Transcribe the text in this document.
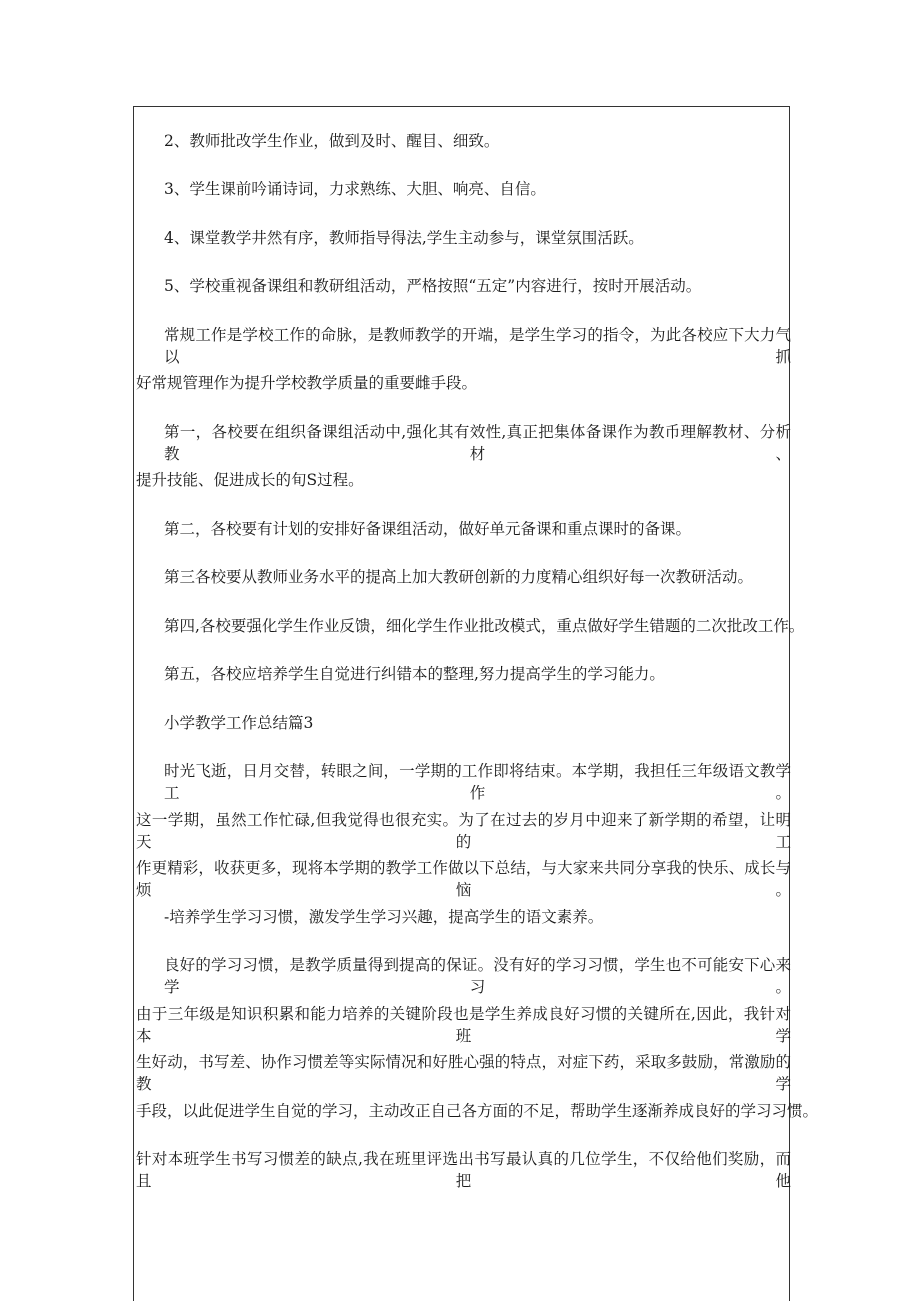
2、教师批改学生作业，做到及时、醒目、细致。
3、学生课前吟诵诗词，力求熟练、大胆、响亮、自信。
4、课堂教学井然有序，教师指导得法,学生主动参与，课堂氛围活跃。
5、学校重视备课组和教研组活动，严格按照“五定”内容进行，按时开展活动。
常规工作是学校工作的命脉，是教师教学的开端，是学生学习的指令，为此各校应下大力气以抓
好常规管理作为提升学校教学质量的重要雌手段。
第一，各校要在组织备课组活动中,强化其有效性,真正把集体备课作为教币理解教材、分析教材、
提升技能、促进成长的旬S过程。
第二，各校要有计划的安排好备课组活动，做好单元备课和重点课时的备课。
第三各校要从教师业务水平的提高上加大教研创新的力度精心组织好每一次教研活动。
第四,各校要强化学生作业反馈，细化学生作业批改模式，重点做好学生错题的二次批改工作。
第五，各校应培养学生自觉进行纠错本的整理,努力提高学生的学习能力。
小学教学工作总结篇3
时光飞逝，日月交替，转眼之间，一学期的工作即将结束。本学期，我担任三年级语文教学工作。
这一学期，虽然工作忙碌,但我觉得也很充实。为了在过去的岁月中迎来了新学期的希望，让明天的工
作更精彩，收获更多，现将本学期的教学工作做以下总结，与大家来共同分享我的快乐、成长与烦恼。
-培养学生学习习惯，激发学生学习兴趣，提高学生的语文素养。
良好的学习习惯，是教学质量得到提高的保证。没有好的学习习惯，学生也不可能安下心来学习。
由于三年级是知识积累和能力培养的关键阶段也是学生养成良好习惯的关键所在,因此，我针对本班学
生好动，书写差、协作习惯差等实际情况和好胜心强的特点，对症下药，采取多鼓励，常激励的教学
手段，以此促进学生自觉的学习，主动改正自己各方面的不足，帮助学生逐渐养成良好的学习习惯。
针对本班学生书写习惯差的缺点,我在班里评选出书写最认真的几位学生，不仅给他们奖励，而且把他
